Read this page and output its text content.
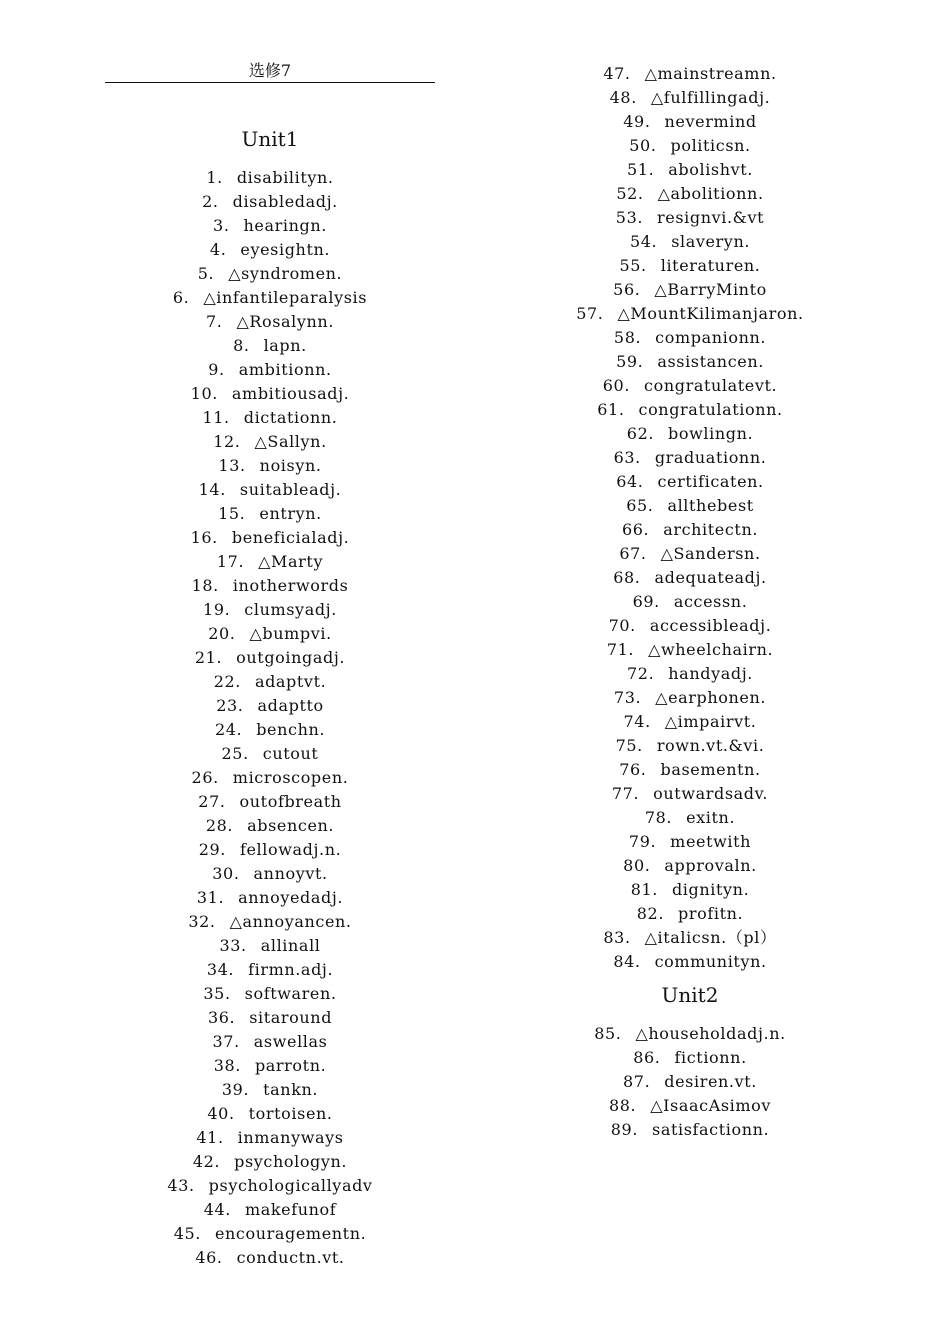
选修7
Unit1
1. disabilityn.
2. disabledadj.
3. hearingn.
4. eyesightn.
5. △syndromen.
6. △infantileparalysis
7. △Rosalynn.
8. lapn.
9. ambitionn.
10. ambitiousadj.
11. dictationn.
12. △Sallyn.
13. noisyn.
14. suitableadj.
15. entryn.
16. beneficialadj.
17. △Marty
18. inotherwords
19. clumsyadj.
20. △bumpvi.
21. outgoingadj.
22. adaptvt.
23. adaptto
24. benchn.
25. cutout
26. microscopen.
27. outofbreath
28. absencen.
29. fellowadj.n.
30. annoyvt.
31. annoyedadj.
32. △annoyancen.
33. allinall
34. firmn.adj.
35. softwaren.
36. sitaround
37. aswellas
38. parrotn.
39. tankn.
40. tortoisen.
41. inmanyways
42. psychologyn.
43. psychologicallyadv
44. makefunof
45. encouragementn.
46. conductn.vt.
47. △mainstreamn.
48. △fulfillingadj.
49. nevermind
50. politicsn.
51. abolishvt.
52. △abolitionn.
53. resignvi.&vt
54. slaveryn.
55. literaturen.
56. △BarryMinto
57. △MountKilimanjaron.
58. companionn.
59. assistancen.
60. congratulatevt.
61. congratulationn.
62. bowlingn.
63. graduationn.
64. certificaten.
65. allthebest
66. architectn.
67. △Sandersn.
68. adequateadj.
69. accessn.
70. accessibleadj.
71. △wheelchairn.
72. handyadj.
73. △earphonen.
74. △impairvt.
75. rown.vt.&vi.
76. basementn.
77. outwardsadv.
78. exitn.
79. meetwith
80. approvaln.
81. dignityn.
82. profitn.
83. △italicsn.（pl）
84. communityn.
Unit2
85. △householdadj.n.
86. fictionn.
87. desiren.vt.
88. △IsaacAsimov
89. satisfactionn.
